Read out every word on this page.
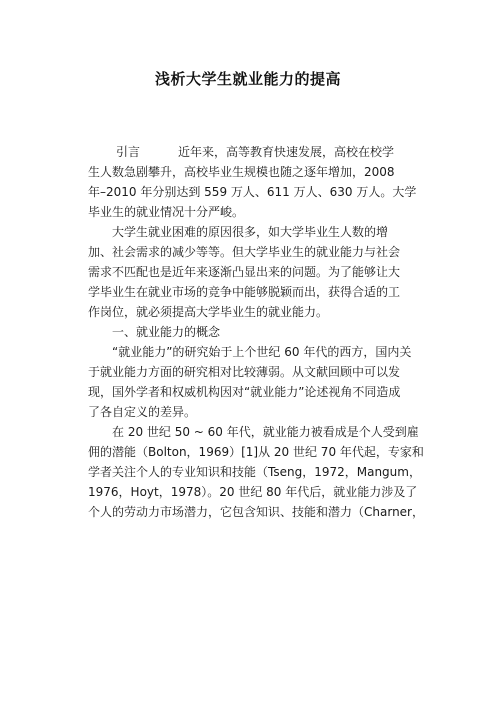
浅析大学生就业能力的提高
引言	近年来，高等教育快速发展，高校在校学
生人数急剧攀升，高校毕业生规模也随之逐年增加，2008
年–2010 年分别达到 559 万人、611 万人、630 万人。大学
毕业生的就业情况十分严峻。
大学生就业困难的原因很多，如大学毕业生人数的增
加、社会需求的减少等等。但大学毕业生的就业能力与社会
需求不匹配也是近年来逐渐凸显出来的问题。为了能够让大
学毕业生在就业市场的竞争中能够脱颖而出，获得合适的工
作岗位，就必须提高大学毕业生的就业能力。
一、就业能力的概念
“就业能力”的研究始于上个世纪 60 年代的西方，国内关
于就业能力方面的研究相对比较薄弱。从文献回顾中可以发
现，国外学者和权威机构因对“就业能力”论述视角不同造成
了各自定义的差异。
在 20 世纪 50 ~ 60 年代，就业能力被看成是个人受到雇
佣的潜能（Bolton，1969）[1]从 20 世纪 70 年代起，专家和
学者关注个人的专业知识和技能（Tseng，1972，Mangum，
1976，Hoyt，1978）。20 世纪 80 年代后，就业能力涉及了
个人的劳动力市场潜力，它包含知识、技能和潜力（Charner，
